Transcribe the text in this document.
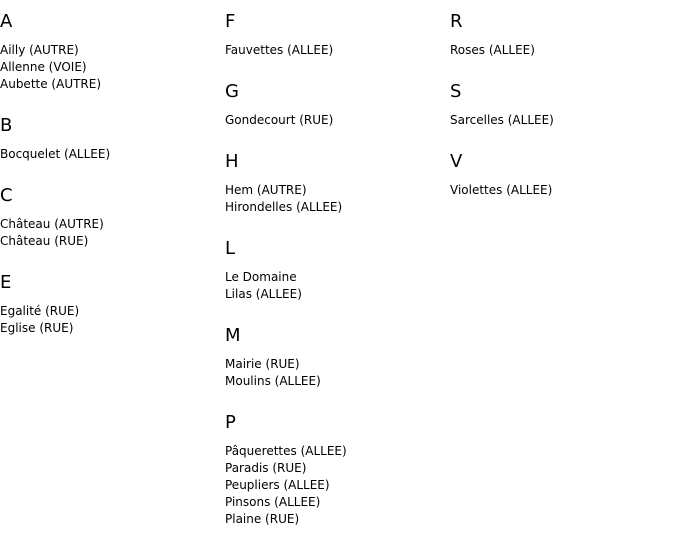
A
Ailly (AUTRE)
Allenne (VOIE)
Aubette (AUTRE)
B
Bocquelet (ALLEE)
C
Château (AUTRE)
Château (RUE)
E
Egalité (RUE)
Eglise (RUE)
F
Fauvettes (ALLEE)
G
Gondecourt (RUE)
H
Hem (AUTRE)
Hirondelles (ALLEE)
L
Le Domaine
Lilas (ALLEE)
M
Mairie (RUE)
Moulins (ALLEE)
P
Pâquerettes (ALLEE)
Paradis (RUE)
Peupliers (ALLEE)
Pinsons (ALLEE)
Plaine (RUE)
R
Roses (ALLEE)
S
Sarcelles (ALLEE)
V
Violettes (ALLEE)
